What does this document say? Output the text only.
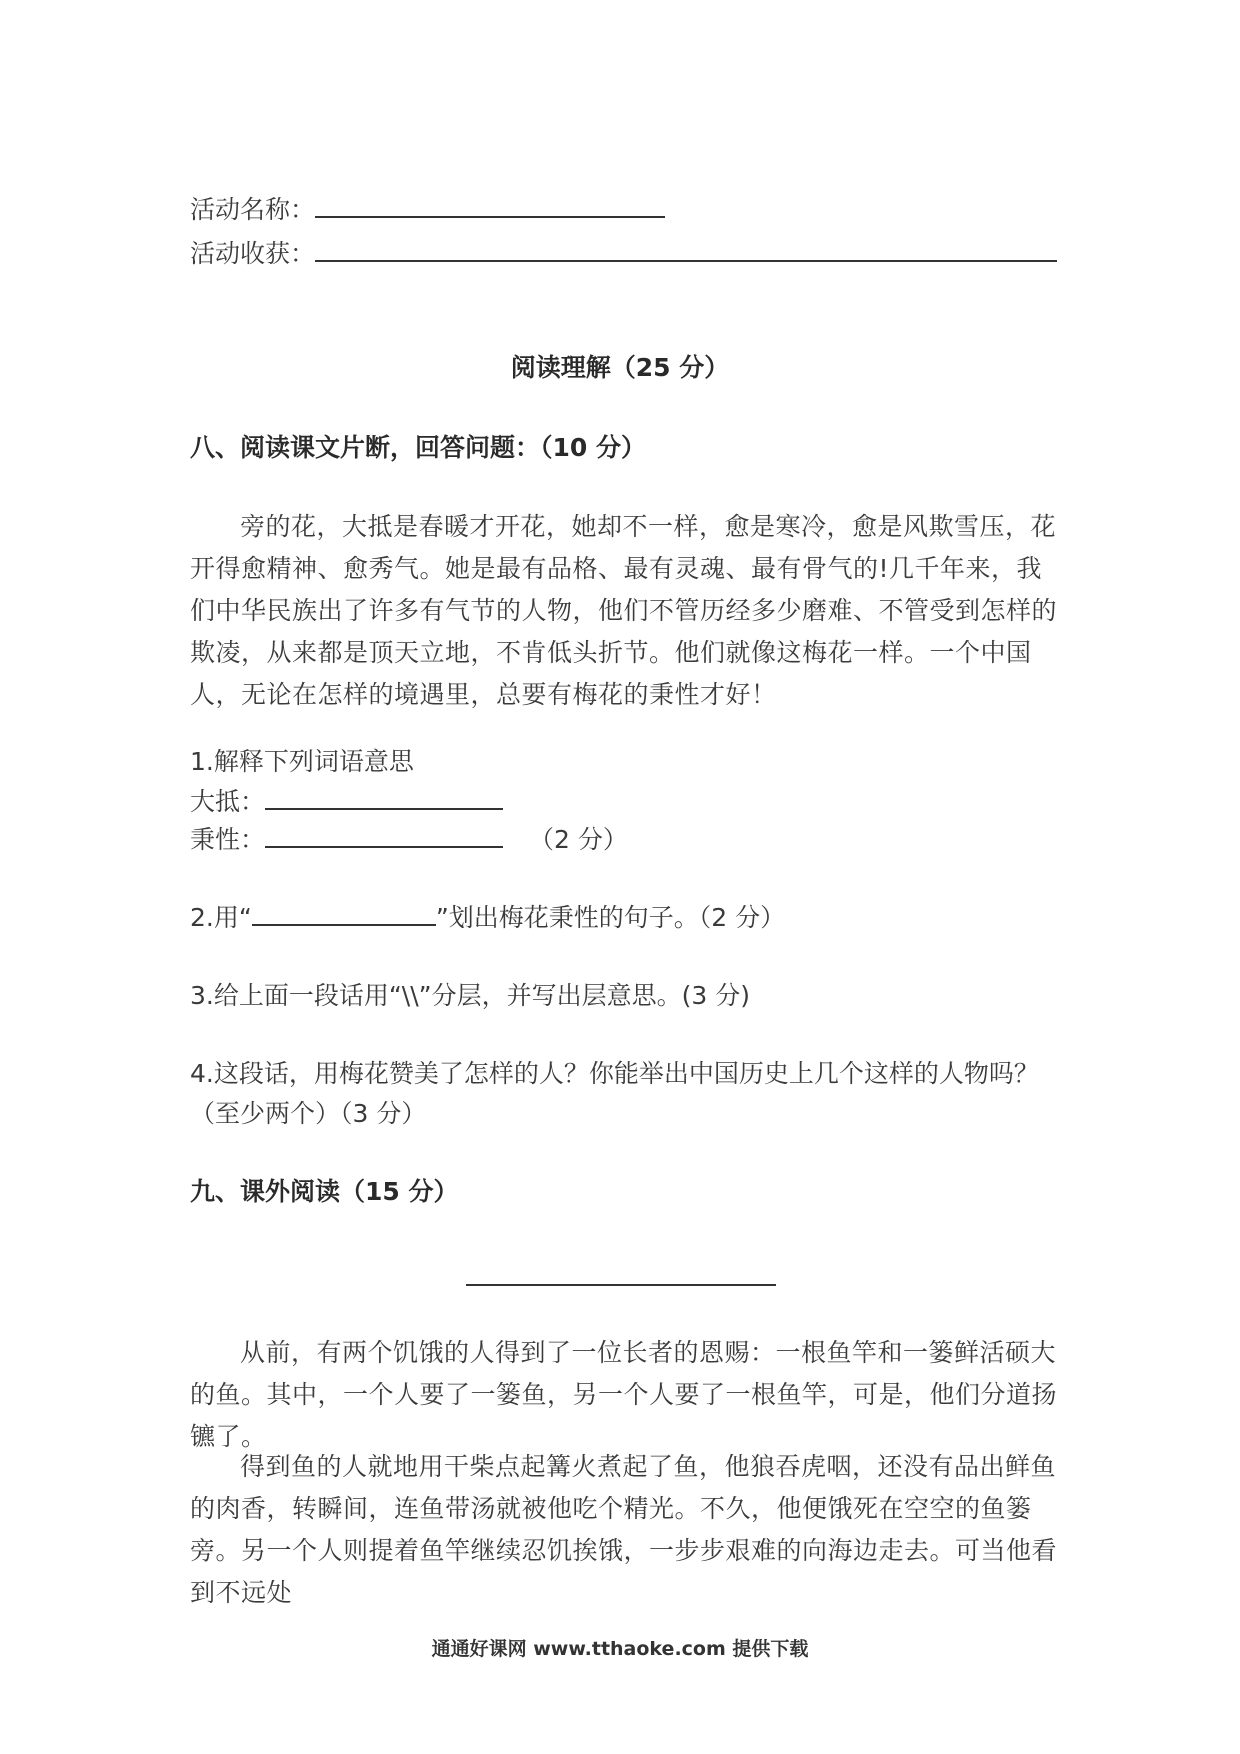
活动名称：
活动收获：
阅读理解（25 分）
八、阅读课文片断，回答问题：（10 分）

旁的花，大抵是春暖才开花，她却不一样，愈是寒冷，愈是风欺雪压，花开得愈精神、愈秀气。她是最有品格、最有灵魂、最有骨气的!几千年来，我们中华民族出了许多有气节的人物，他们不管历经多少磨难、不管受到怎样的欺凌，从来都是顶天立地，不肯低头折节。他们就像这梅花一样。一个中国人，无论在怎样的境遇里，总要有梅花的秉性才好！

1.解释下列词语意思
大抵：
秉性：	（2 分）
2.用“	”划出梅花秉性的句子。（2 分）
3.给上面一段话用“\\”分层，并写出层意思。(3 分)
4.这段话，用梅花赞美了怎样的人？你能举出中国历史上几个这样的人物吗？
（至少两个）（3 分）
九、课外阅读（15 分）

从前，有两个饥饿的人得到了一位长者的恩赐：一根鱼竿和一篓鲜活硕大的鱼。其中，一个人要了一篓鱼，另一个人要了一根鱼竿，可是，他们分道扬镳了。

得到鱼的人就地用干柴点起篝火煮起了鱼，他狼吞虎咽，还没有品出鲜鱼的肉香，转瞬间，连鱼带汤就被他吃个精光。不久，他便饿死在空空的鱼篓旁。另一个人则提着鱼竿继续忍饥挨饿，一步步艰难的向海边走去。可当他看到不远处

通通好课网 www.tthaoke.com 提供下载
